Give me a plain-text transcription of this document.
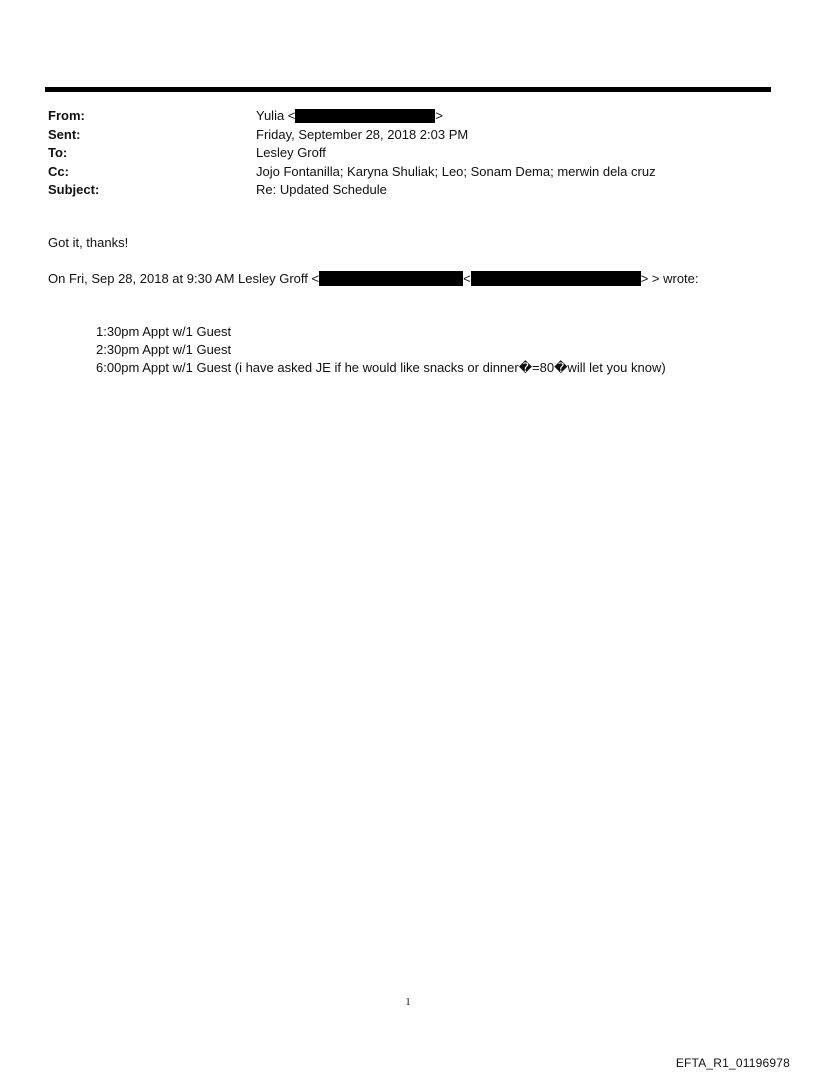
From:	Yulia <	>
Sent:	Friday, September 28, 2018 2:03 PM
To:	Lesley Groff
Cc:	Jojo Fontanilla; Karyna Shuliak; Leo; Sonam Dema; merwin dela cruz
Subject:	Re: Updated Schedule
Got it, thanks!
On Fri, Sep 28, 2018 at 9:30 AM Lesley Groff <	<	> > wrote:
1:30pm Appt w/1 Guest
2:30pm Appt w/1 Guest
6:00pm Appt w/1 Guest (i have asked JE if he would like snacks or dinner�=80�will let you know)
1
EFTA_R1_01196978
